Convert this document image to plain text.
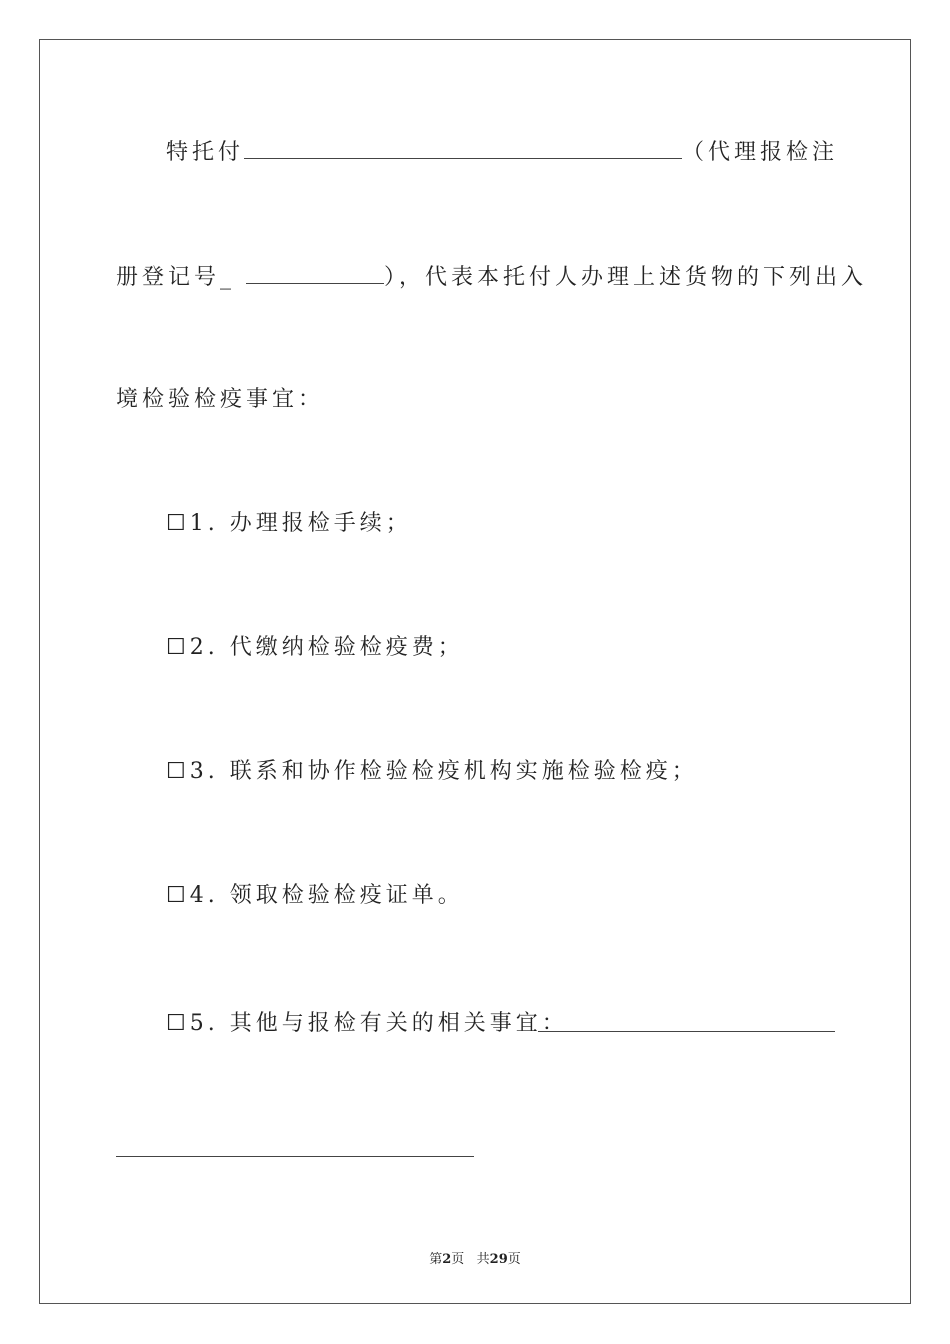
特托付	（代理报检注
册登记号_	），代表本托付人办理上述货物的下列出入
境检验检疫事宜：
☐1. 办理报检手续；
☐2. 代缴纳检验检疫费；
☐3. 联系和协作检验检疫机构实施检验检疫；
☐4. 领取检验检疫证单。
☐5. 其他与报检有关的相关事宜：
第2页   共29页
